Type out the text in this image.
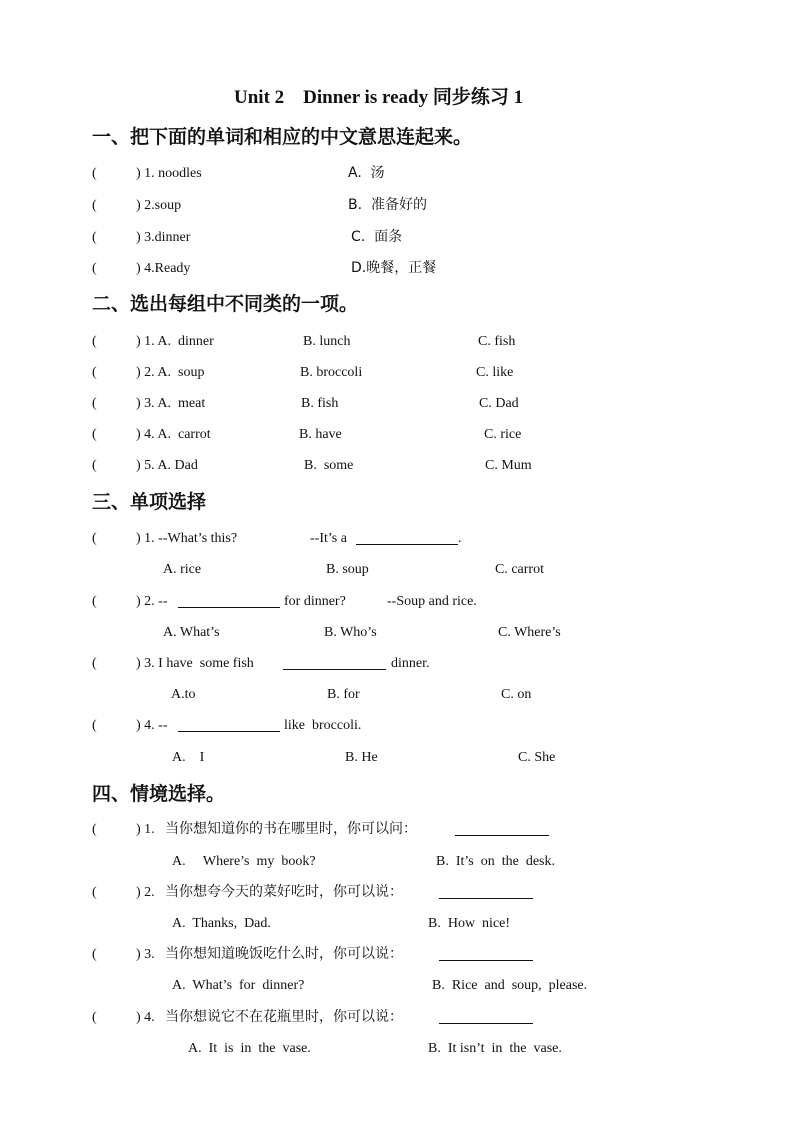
Unit 2    Dinner is ready 同步练习 1
一、把下面的单词和相应的中文意思连起来。
(	) 1. noodles	A.  汤
(	) 2.soup	B.  准备好的
(	) 3.dinner	C.  面条
(	) 4.Ready	D.晚餐，正餐
二、选出每组中不同类的一项。
(	) 1. A.  dinner	B. lunch	C. fish
(	) 2. A.  soup	B. broccoli	C. like
(	) 3. A.  meat	B. fish	C. Dad
(	) 4. A.  carrot	B. have	C. rice
(	) 5. A. Dad	B.  some	C. Mum
三、单项选择
(	) 1. --What’s this?	--It’s a	.
A. rice	B. soup	C. carrot
(	) 2. --	for dinner?	--Soup and rice.
A. What’s	B. Who’s	C. Where’s
(	) 3. I have  some fish	dinner.
A.to	B. for	C. on
(	) 4. --	like  broccoli.
A.    I	B. He	C. She
四、情境选择。
(	) 1. 当你想知道你的书在哪里时，你可以问：
A.     Where’s  my  book?	B.  It’s  on  the  desk.
(	) 2. 当你想夸今天的菜好吃时，你可以说：
A.  Thanks,  Dad.	B.  How  nice!
(	) 3. 当你想知道晚饭吃什么时，你可以说：
A.  What’s  for  dinner?	B.  Rice  and  soup,  please.
(	) 4. 当你想说它不在花瓶里时，你可以说：
A.  It  is  in  the  vase.	B.  It isn’t  in  the  vase.
